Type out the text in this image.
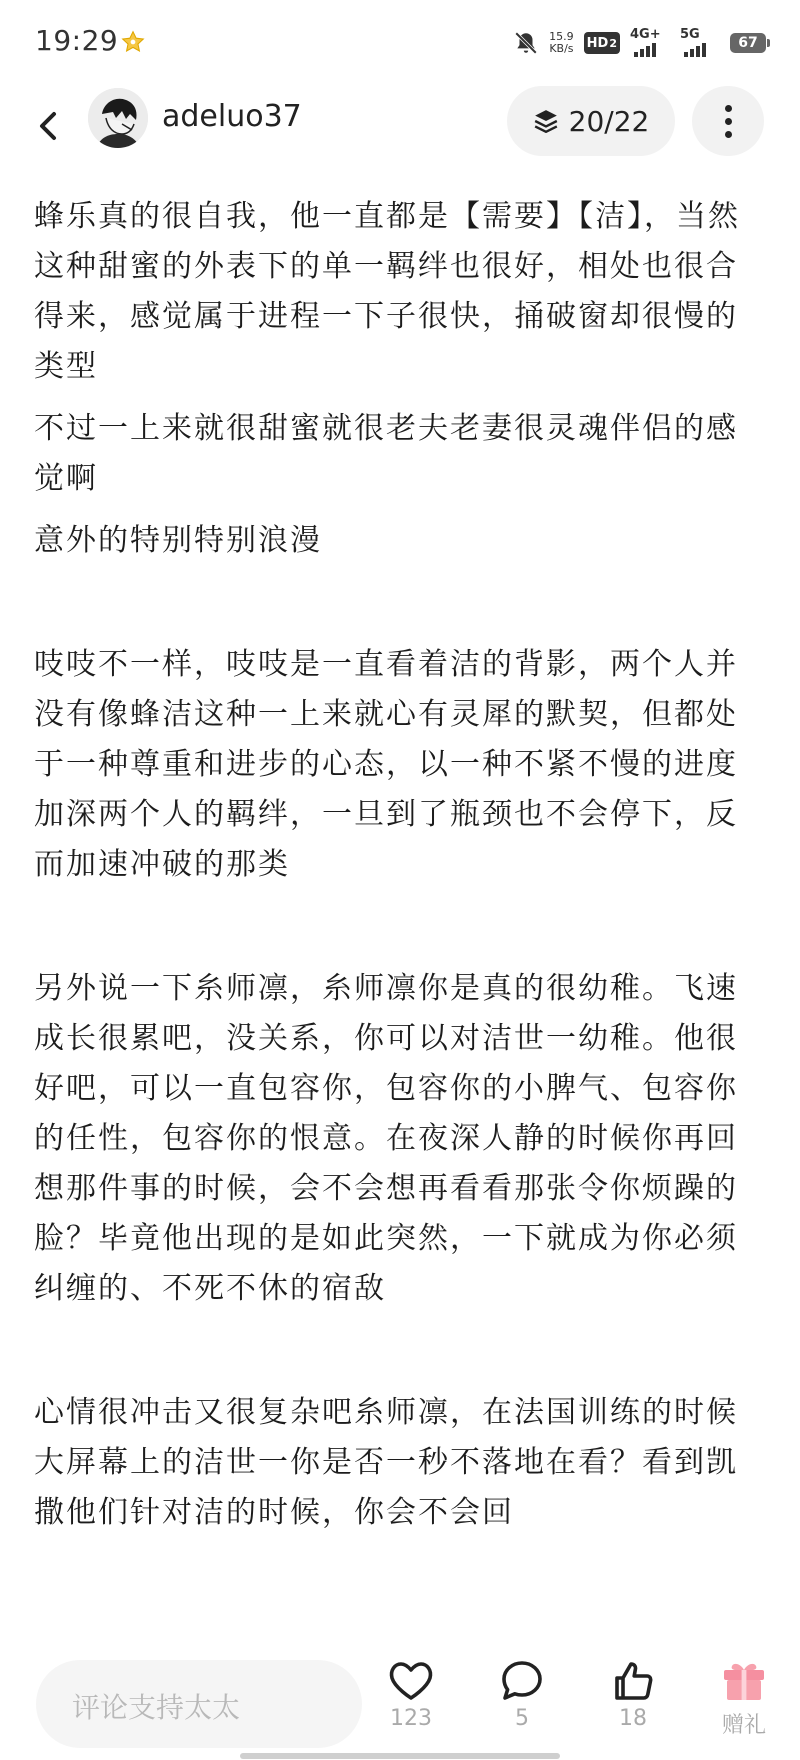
19:29	15.9
KB/s HD 2
4G+ 5G
67
adeluo37	20/22

蜂乐真的很自我，他一直都是【需要】【洁】，当然这种甜蜜的外表下的单一羁绊也很好，相处也很合得来，感觉属于进程一下子很快，捅破窗却很慢的类型

不过一上来就很甜蜜就很老夫老妻很灵魂伴侣的感觉啊

意外的特别特别浪漫

吱吱不一样，吱吱是一直看着洁的背影，两个人并没有像蜂洁这种一上来就心有灵犀的默契，但都处于一种尊重和进步的心态，以一种不紧不慢的进度加深两个人的羁绊，一旦到了瓶颈也不会停下，反而加速冲破的那类

另外说一下糸师凛，糸师凛你是真的很幼稚。飞速成长很累吧，没关系，你可以对洁世一幼稚。他很好吧，可以一直包容你，包容你的小脾气、包容你的任性，包容你的恨意。在夜深人静的时候你再回想那件事的时候，会不会想再看看那张令你烦躁的脸？毕竟他出现的是如此突然，一下就成为你必须纠缠的、不死不休的宿敌

心情很冲击又很复杂吧糸师凛，在法国训练的时候大屏幕上的洁世一你是否一秒不落地在看？看到凯撒他们针对洁的时候，你会不会回

评论支持太太	123	5	18	赠礼
